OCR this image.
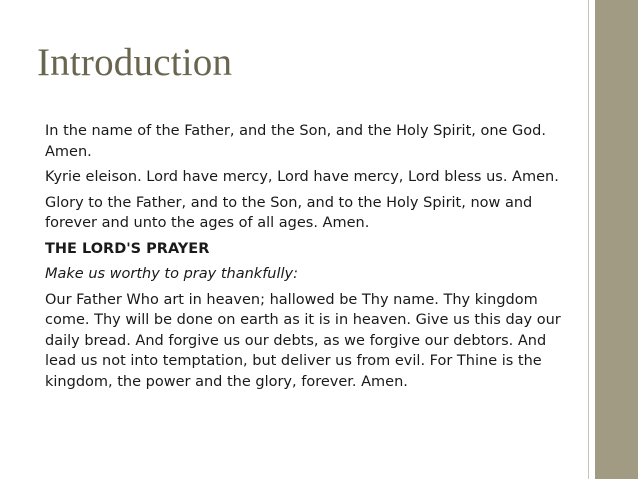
Introduction

In the name of the Father, and the Son, and the Holy Spirit, one God. Amen.

Kyrie eleison. Lord have mercy, Lord have mercy, Lord bless us. Amen.

Glory to the Father, and to the Son, and to the Holy Spirit, now and forever and unto the ages of all ages. Amen.

THE LORD'S PRAYER

Make us worthy to pray thankfully:

Our Father Who art in heaven; hallowed be Thy name. Thy kingdom come. Thy will be done on earth as it is in heaven. Give us this day our daily bread. And forgive us our debts, as we forgive our debtors. And lead us not into temptation, but deliver us from evil. For Thine is the kingdom, the power and the glory, forever. Amen.
